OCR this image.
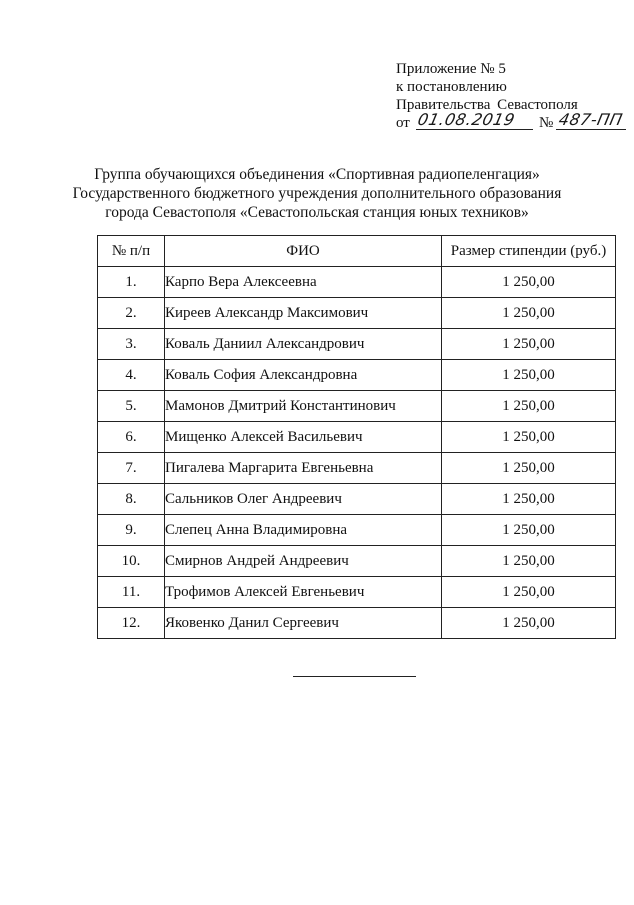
Приложение № 5
к постановлению
Правительства Севастополя
от 01.08.2019 № 487-ПП
Группа обучающихся объединения «Спортивная радиопеленгация»
Государственного бюджетного учреждения дополнительного образования
города Севастополя «Севастопольская станция юных техников»
№ п/п	ФИО	Размер стипендии (руб.)
1.	Карпо Вера Алексеевна	1 250,00
2.	Киреев Александр Максимович	1 250,00
3.	Коваль Даниил Александрович	1 250,00
4.	Коваль София Александровна	1 250,00
5.	Мамонов Дмитрий Константинович	1 250,00
6.	Мищенко Алексей Васильевич	1 250,00
7.	Пигалева Маргарита Евгеньевна	1 250,00
8.	Сальников Олег Андреевич	1 250,00
9.	Слепец Анна Владимировна	1 250,00
10.	Смирнов Андрей Андреевич	1 250,00
11.	Трофимов Алексей Евгеньевич	1 250,00
12.	Яковенко Данил Сергеевич	1 250,00
